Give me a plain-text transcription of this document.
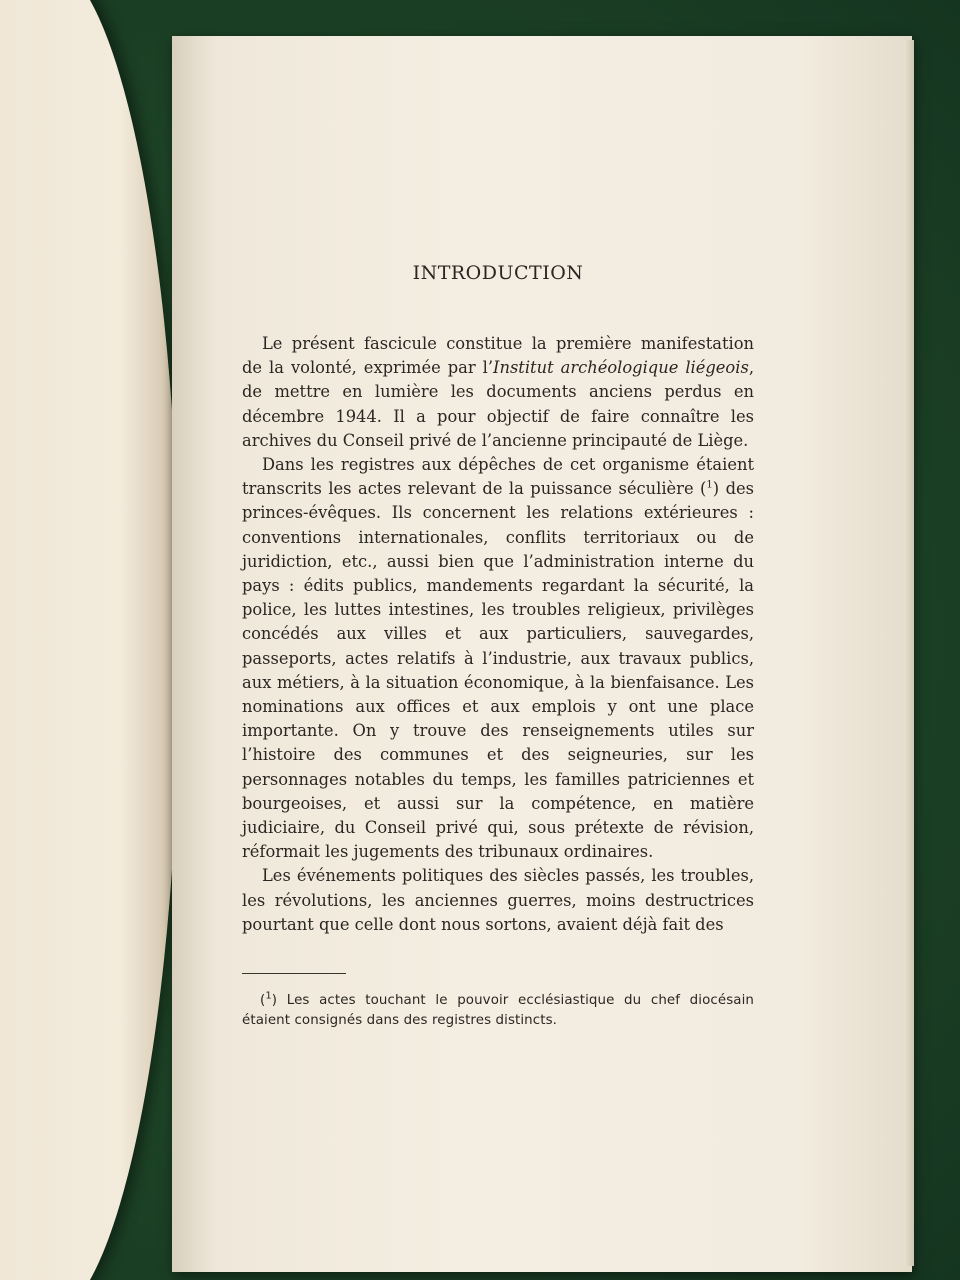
INTRODUCTION

Le présent fascicule constitue la première manifestation de la volonté, exprimée par l’Institut archéologique liégeois, de mettre en lumière les documents anciens perdus en décembre 1944. Il a pour objectif de faire connaître les archives du Conseil privé de l’ancienne principauté de Liège.

Dans les registres aux dépêches de cet organisme étaient transcrits les actes relevant de la puissance séculière ($^1$) des princes-évêques. Ils concernent les relations extérieures : conventions internationales, conflits territoriaux ou de juridiction, etc., aussi bien que l’administration interne du pays : édits publics, mandements regardant la sécurité, la police, les luttes intestines, les troubles religieux, privilèges concédés aux villes et aux particuliers, sauvegardes, passeports, actes relatifs à l’industrie, aux travaux publics, aux métiers, à la situation économique, à la bienfaisance. Les nominations aux offices et aux emplois y ont une place importante. On y trouve des renseignements utiles sur l’histoire des communes et des seigneuries, sur les personnages notables du temps, les familles patriciennes et bourgeoises, et aussi sur la compétence, en matière judiciaire, du Conseil privé qui, sous prétexte de révision, réformait les jugements des tribunaux ordinaires.

Les événements politiques des siècles passés, les troubles, les révolutions, les anciennes guerres, moins destructrices pourtant que celle dont nous sortons, avaient déjà fait des

($^1$) Les actes touchant le pouvoir ecclésiastique du chef diocésain étaient consignés dans des registres distincts.
